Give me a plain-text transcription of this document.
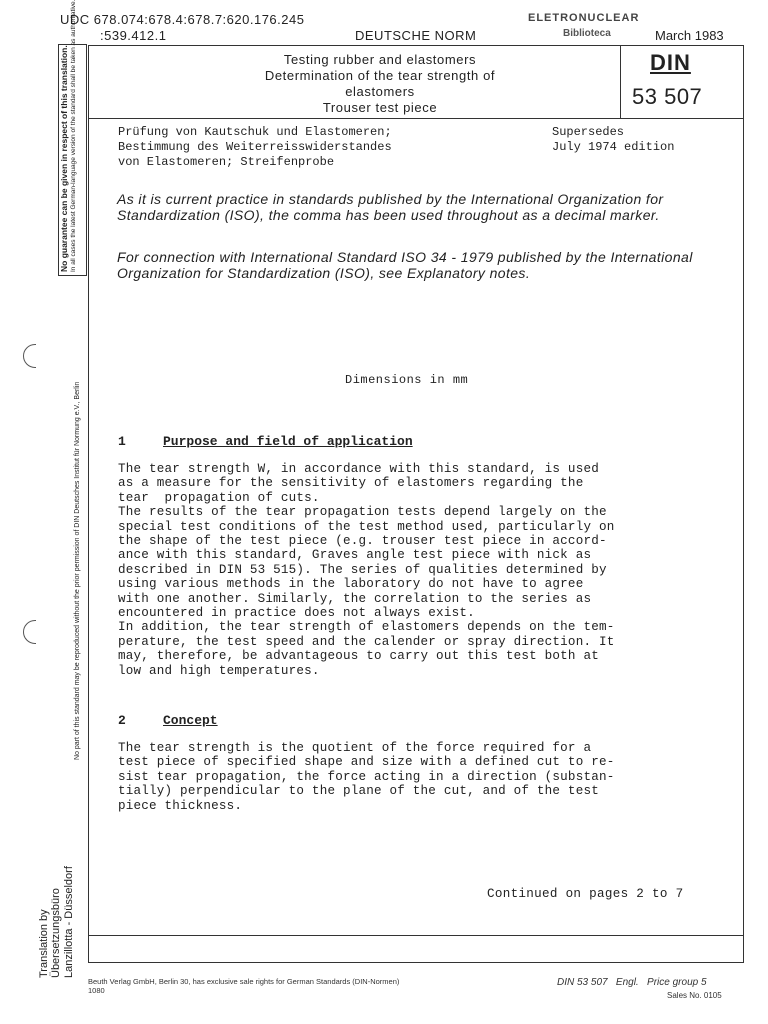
UDC 678.074:678.4:678.7:620.176.245
:539.412.1	DEUTSCHE NORM
ELETRONUCLEAR
Biblioteca	March 1983
Testing rubber and elastomers
Determination of the tear strength of
elastomers
Trouser test piece
DIN
53 507
Prüfung von Kautschuk und Elastomeren;
Bestimmung des Weiterreisswiderstandes
von Elastomeren; Streifenprobe
Supersedes
July 1974 edition
As it is current practice in standards published by the International Organization for Standardization (ISO), the comma has been used throughout as a decimal marker.
For connection with International Standard ISO 34 - 1979 published by the International Organization for Standardization (ISO), see Explanatory notes.
Dimensions in mm
1	Purpose and field of application
The tear strength W, in accordance with this standard, is used
as a measure for the sensitivity of elastomers regarding the
tear  propagation of cuts.
The results of the tear propagation tests depend largely on the
special test conditions of the test method used, particularly on
the shape of the test piece (e.g. trouser test piece in accord-
ance with this standard, Graves angle test piece with nick as
described in DIN 53 515). The series of qualities determined by
using various methods in the laboratory do not have to agree
with one another. Similarly, the correlation to the series as
encountered in practice does not always exist.
In addition, the tear strength of elastomers depends on the tem-
perature, the test speed and the calender or spray direction. It
may, therefore, be advantageous to carry out this test both at
low and high temperatures.
2	Concept
The tear strength is the quotient of the force required for a
test piece of specified shape and size with a defined cut to re-
sist tear propagation, the force acting in a direction (substan-
tially) perpendicular to the plane of the cut, and of the test
piece thickness.
Continued on pages 2 to 7
Beuth Verlag GmbH, Berlin 30, has exclusive sale rights for German Standards (DIN-Normen)
1080
DIN 53 507   Engl.   Price group 5
Sales No. 0105
No guarantee can be given in respect of this translation. In all cases the latest German-language version of the standard shall be taken as authoritative.
No part of this standard may be reproduced without the prior permission of DIN Deutsches Institut für Normung e.V., Berlin
Translation by Übersetzungsbüro Lanzillotta - Düsseldorf
